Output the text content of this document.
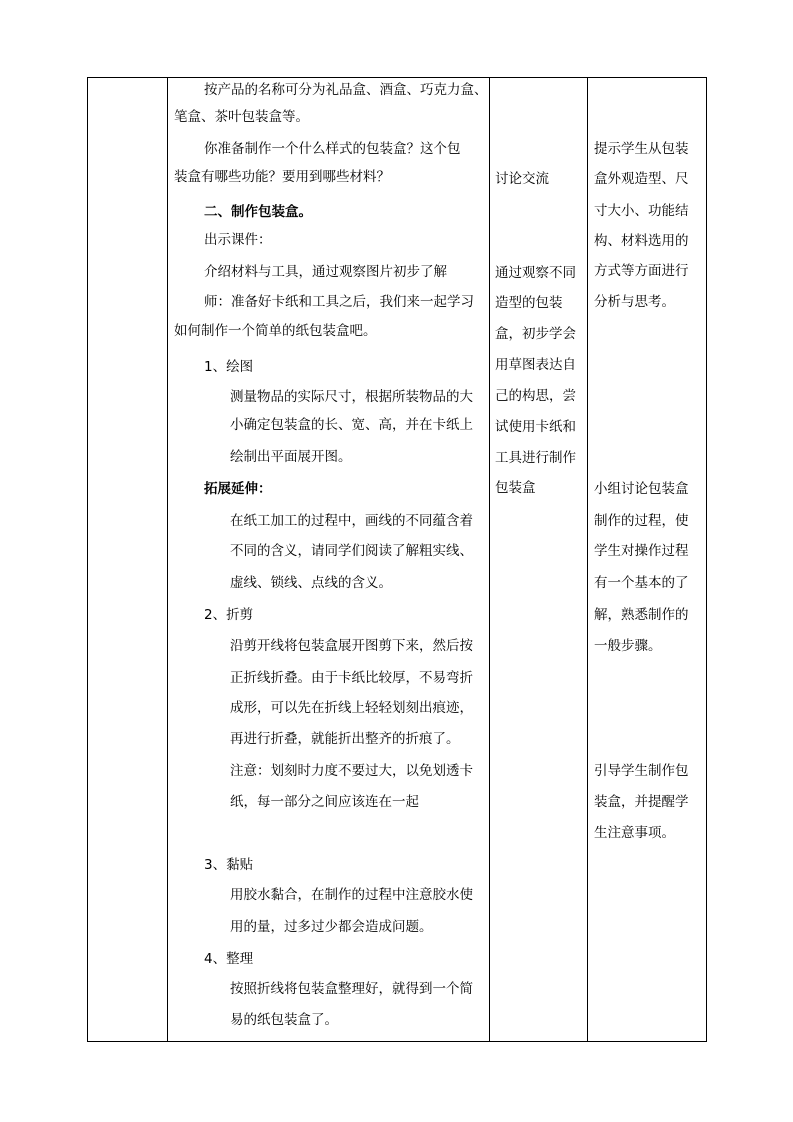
按产品的名称可分为礼品盒、酒盒、巧克力盒、
笔盒、茶叶包装盒等。
你准备制作一个什么样式的包装盒？这个包
装盒有哪些功能？要用到哪些材料？
二、制作包装盒。
出示课件：
介绍材料与工具，通过观察图片初步了解
师：准备好卡纸和工具之后，我们来一起学习
如何制作一个简单的纸包装盒吧。
1、绘图
测量物品的实际尺寸，根据所装物品的大
小确定包装盒的长、宽、高，并在卡纸上
绘制出平面展开图。
拓展延伸：
在纸工加工的过程中，画线的不同蕴含着
不同的含义，请同学们阅读了解粗实线、
虚线、锁线、点线的含义。
2、折剪
沿剪开线将包装盒展开图剪下来，然后按
正折线折叠。由于卡纸比较厚，不易弯折
成形，可以先在折线上轻轻划刻出痕迹，
再进行折叠，就能折出整齐的折痕了。
注意：划刻时力度不要过大，以免划透卡
纸，每一部分之间应该连在一起
3、黏贴
用胶水黏合，在制作的过程中注意胶水使
用的量，过多过少都会造成问题。
4、整理
按照折线将包装盒整理好，就得到一个简
易的纸包装盒了。
讨论交流
通过观察不同
造型的包装
盒，初步学会
用草图表达自
己的构思，尝
试使用卡纸和
工具进行制作
包装盒
提示学生从包装
盒外观造型、尺
寸大小、功能结
构、材料选用的
方式等方面进行
分析与思考。
小组讨论包装盒
制作的过程，使
学生对操作过程
有一个基本的了
解，熟悉制作的
一般步骤。
引导学生制作包
装盒，并提醒学
生注意事项。
